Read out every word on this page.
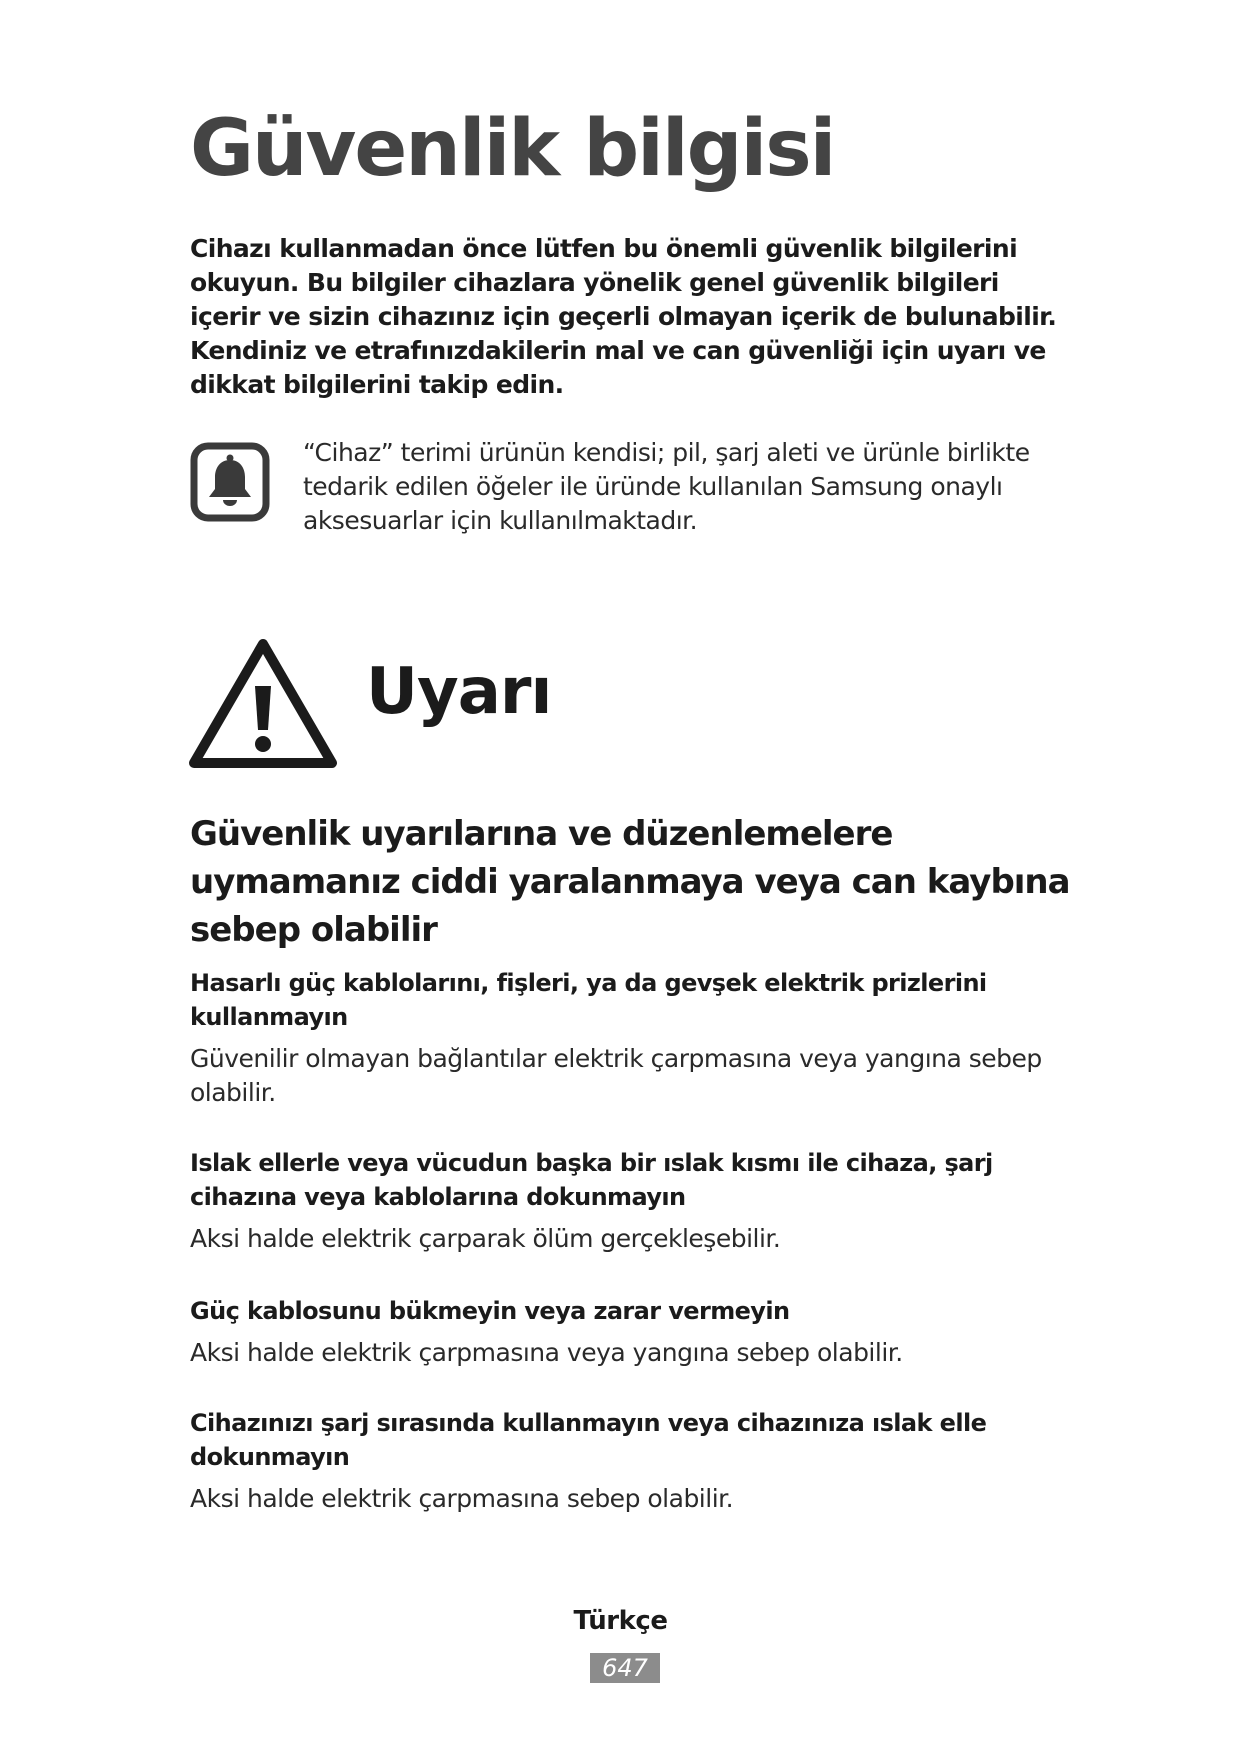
Güvenlik bilgisi

Cihazı kullanmadan önce lütfen bu önemli güvenlik bilgilerini okuyun. Bu bilgiler cihazlara yönelik genel güvenlik bilgileri içerir ve sizin cihazınız için geçerli olmayan içerik de bulunabilir. Kendiniz ve etrafınızdakilerin mal ve can güvenliği için uyarı ve dikkat bilgilerini takip edin.

“Cihaz” terimi ürünün kendisi; pil, şarj aleti ve ürünle birlikte tedarik edilen öğeler ile üründe kullanılan Samsung onaylı aksesuarlar için kullanılmaktadır.

Uyarı
Güvenlik uyarılarına ve düzenlemelere uymamanız ciddi yaralanmaya veya can kaybına sebep olabilir
Hasarlı güç kablolarını, fişleri, ya da gevşek elektrik prizlerini kullanmayın

Güvenilir olmayan bağlantılar elektrik çarpmasına veya yangına sebep olabilir.

Islak ellerle veya vücudun başka bir ıslak kısmı ile cihaza, şarj cihazına veya kablolarına dokunmayın

Aksi halde elektrik çarparak ölüm gerçekleşebilir.

Güç kablosunu bükmeyin veya zarar vermeyin

Aksi halde elektrik çarpmasına veya yangına sebep olabilir.

Cihazınızı şarj sırasında kullanmayın veya cihazınıza ıslak elle dokunmayın

Aksi halde elektrik çarpmasına sebep olabilir.

Türkçe
647
